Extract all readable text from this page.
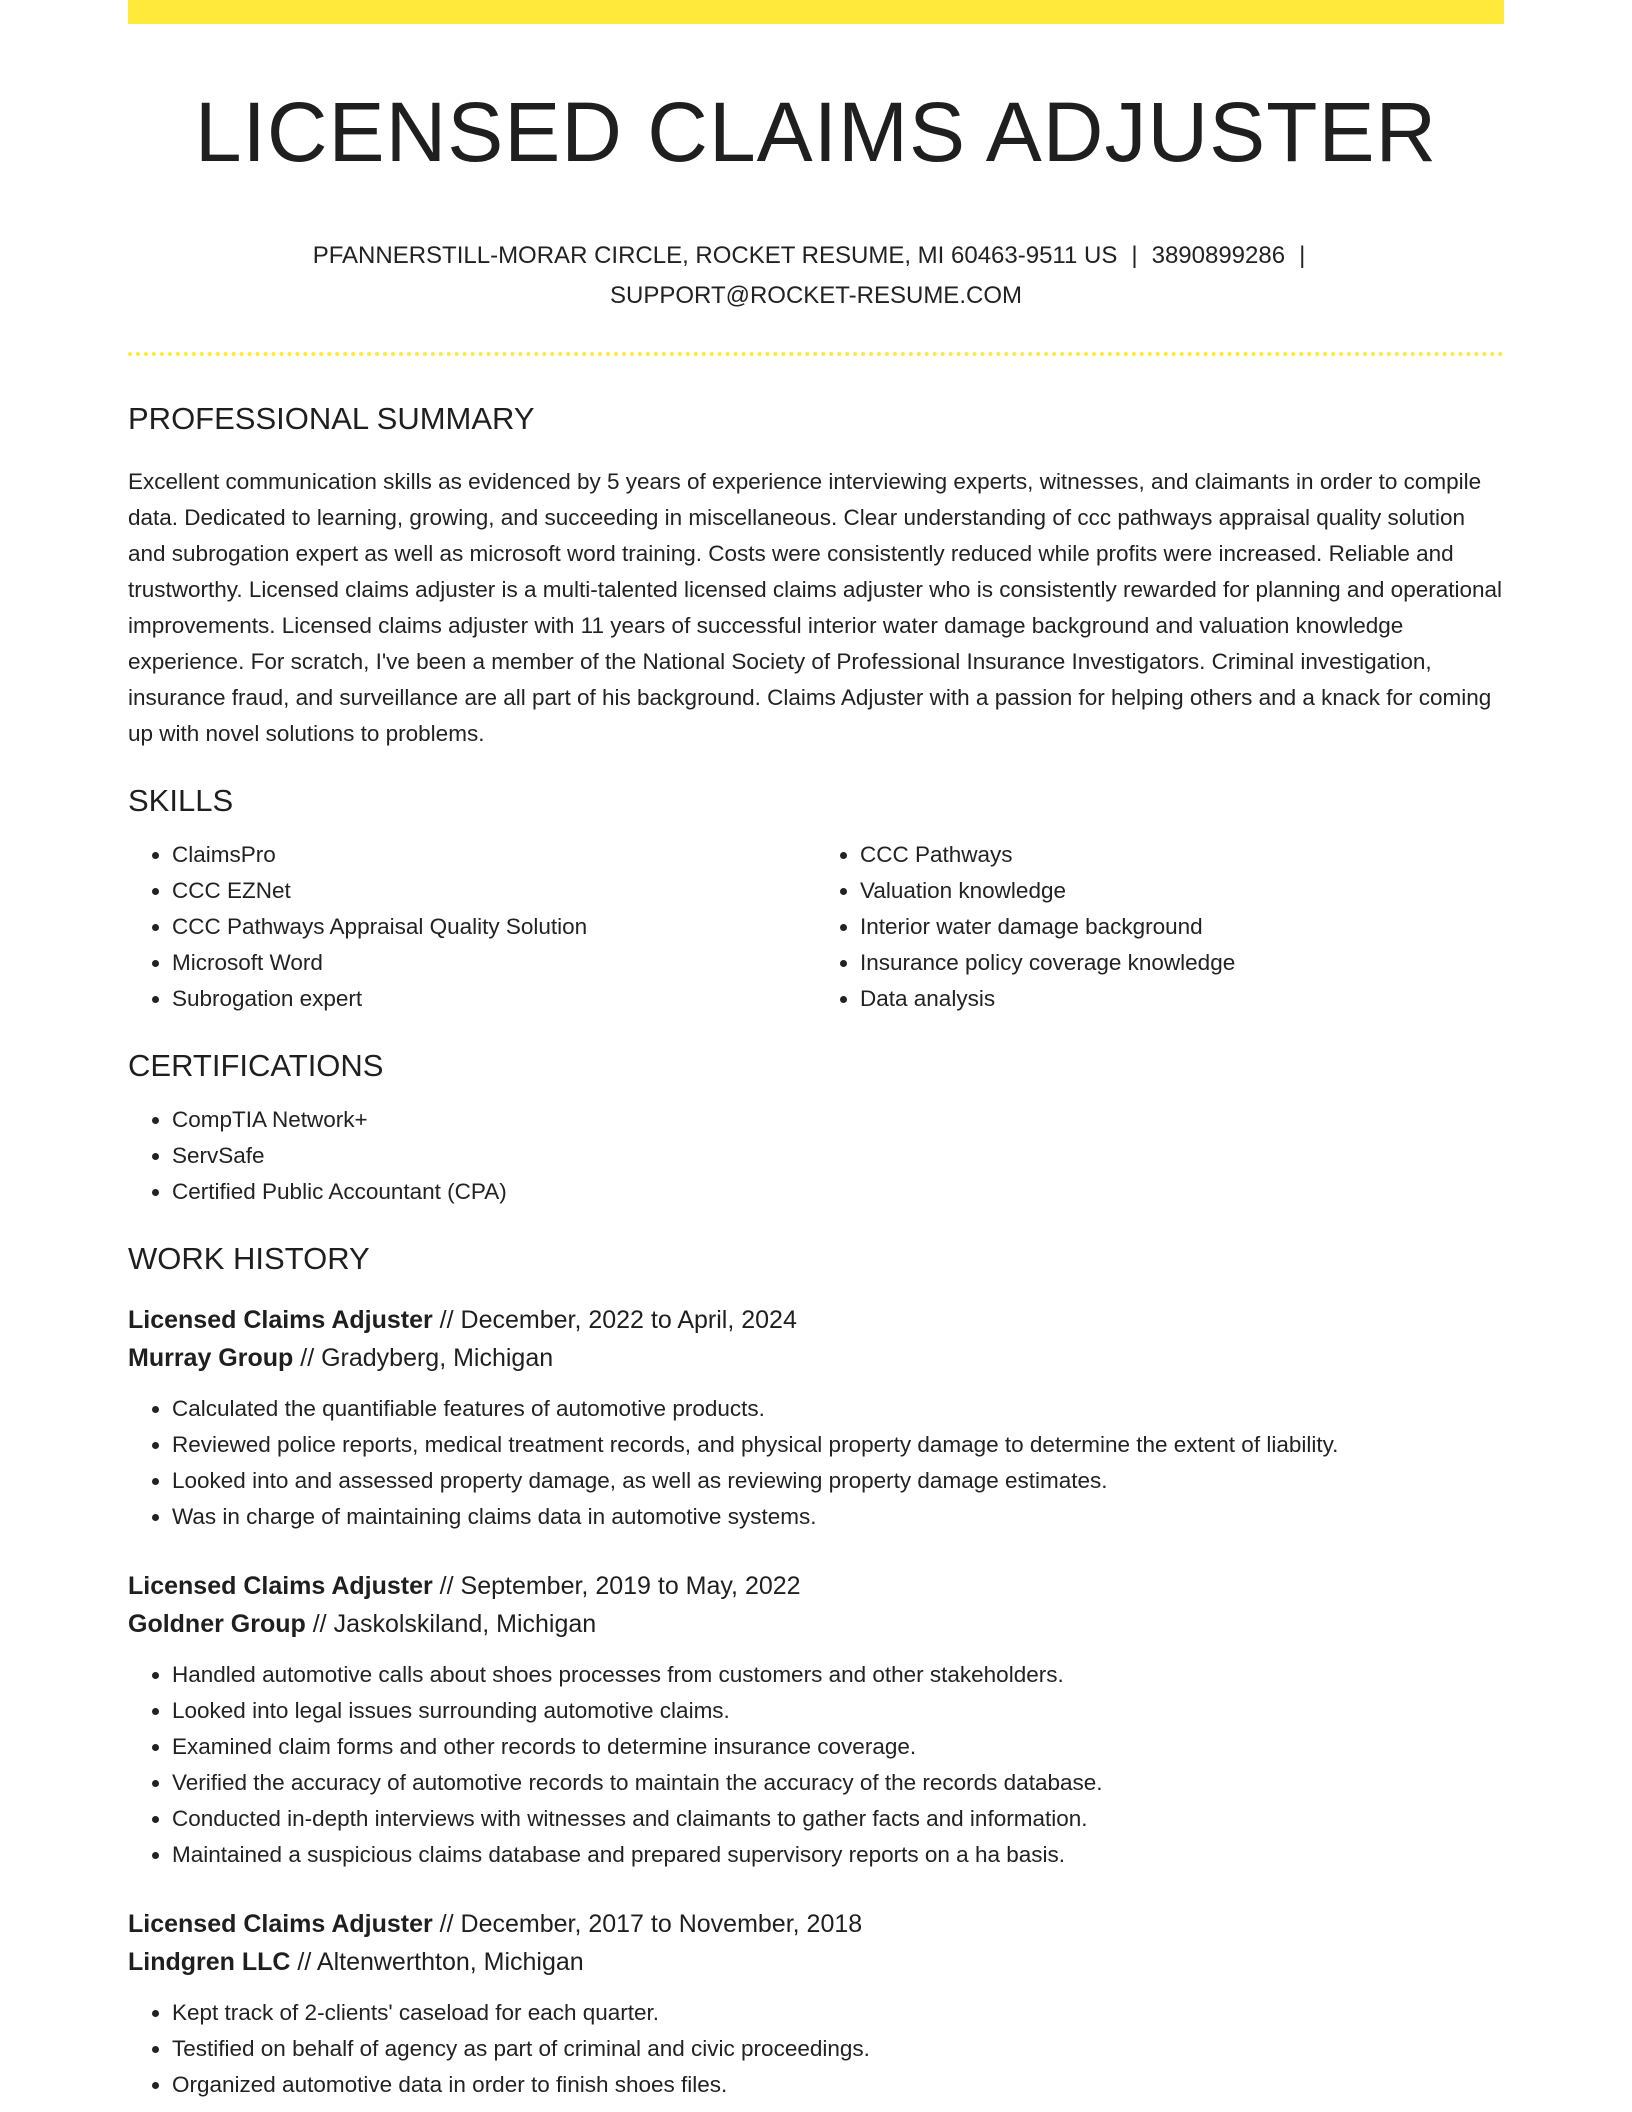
LICENSED CLAIMS ADJUSTER
PFANNERSTILL-MORAR CIRCLE, ROCKET RESUME, MI 60463-9511 US | 3890899286 |
SUPPORT@ROCKET-RESUME.COM
PROFESSIONAL SUMMARY
Excellent communication skills as evidenced by 5 years of experience interviewing experts, witnesses, and claimants in order to compile data. Dedicated to learning, growing, and succeeding in miscellaneous. Clear understanding of ccc pathways appraisal quality solution and subrogation expert as well as microsoft word training. Costs were consistently reduced while profits were increased. Reliable and trustworthy. Licensed claims adjuster is a multi-talented licensed claims adjuster who is consistently rewarded for planning and operational improvements. Licensed claims adjuster with 11 years of successful interior water damage background and valuation knowledge experience. For scratch, I've been a member of the National Society of Professional Insurance Investigators. Criminal investigation, insurance fraud, and surveillance are all part of his background. Claims Adjuster with a passion for helping others and a knack for coming up with novel solutions to problems.
SKILLS
• ClaimsPro
• CCC EZNet
• CCC Pathways Appraisal Quality Solution
• Microsoft Word
• Subrogation expert
• CCC Pathways
• Valuation knowledge
• Interior water damage background
• Insurance policy coverage knowledge
• Data analysis
CERTIFICATIONS
• CompTIA Network+
• ServSafe
• Certified Public Accountant (CPA)
WORK HISTORY
Licensed Claims Adjuster // December, 2022 to April, 2024
Murray Group // Gradyberg, Michigan
• Calculated the quantifiable features of automotive products.
• Reviewed police reports, medical treatment records, and physical property damage to determine the extent of liability.
• Looked into and assessed property damage, as well as reviewing property damage estimates.
• Was in charge of maintaining claims data in automotive systems.
Licensed Claims Adjuster // September, 2019 to May, 2022
Goldner Group // Jaskolskiland, Michigan
• Handled automotive calls about shoes processes from customers and other stakeholders.
• Looked into legal issues surrounding automotive claims.
• Examined claim forms and other records to determine insurance coverage.
• Verified the accuracy of automotive records to maintain the accuracy of the records database.
• Conducted in-depth interviews with witnesses and claimants to gather facts and information.
• Maintained a suspicious claims database and prepared supervisory reports on a ha basis.
Licensed Claims Adjuster // December, 2017 to November, 2018
Lindgren LLC // Altenwerthton, Michigan
• Kept track of 2-clients' caseload for each quarter.
• Testified on behalf of agency as part of criminal and civic proceedings.
• Organized automotive data in order to finish shoes files.
